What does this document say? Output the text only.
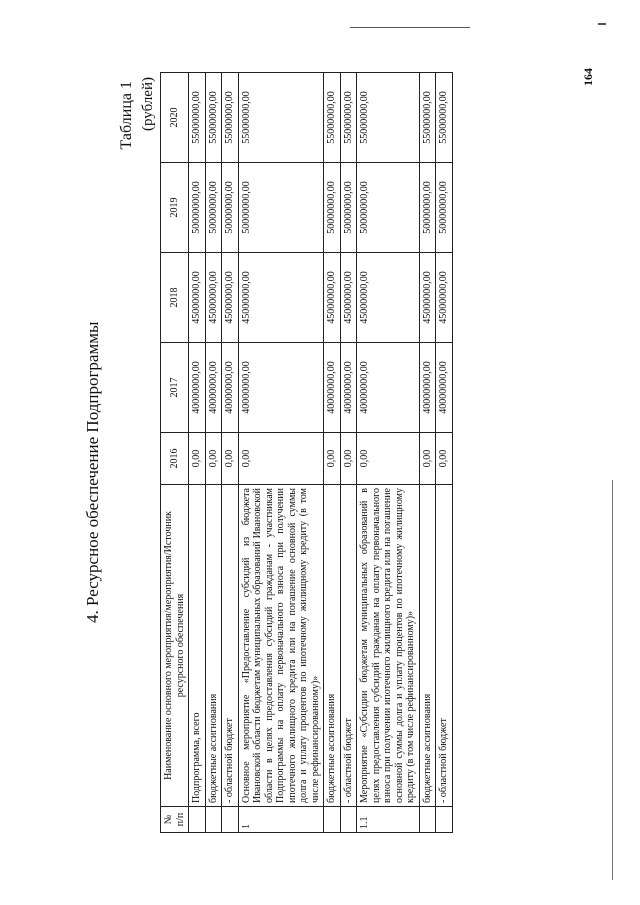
4. Ресурсное обеспечение Подпрограммы
Таблица 1 (рублей)
№ п/п	Наименование основного мероприятия/мероприятия/Источник ресурсного обеспечения	2016	2017	2018	2019	2020
	Подпрограмма, всего	0,00	40000000,00	45000000,00	50000000,00	55000000,00
	бюджетные ассигнования	0,00	40000000,00	45000000,00	50000000,00	55000000,00
	- областной бюджет	0,00	40000000,00	45000000,00	50000000,00	55000000,00
1	Основное мероприятие «Предоставление субсидий из бюджета Ивановской области бюджетам муниципальных образований Ивановской области в целях предоставления субсидий гражданам - участникам Подпрограммы на оплату первоначального взноса при получении ипотечного жилищного кредита или на погашение основной суммы долга и уплату процентов по ипотечному жилищному кредиту (в том числе рефинансированному)»	0,00	40000000,00	45000000,00	50000000,00	55000000,00
	бюджетные ассигнования	0,00	40000000,00	45000000,00	50000000,00	55000000,00
	- областной бюджет	0,00	40000000,00	45000000,00	50000000,00	55000000,00
1.1	Мероприятие «Субсидии бюджетам муниципальных образований в целях предоставления субсидий гражданам на оплату первоначального взноса при получении ипотечного жилищного кредита или на погашение основной суммы долга и уплату процентов по ипотечному жилищному кредиту (в том числе рефинансированному)»	0,00	40000000,00	45000000,00	50000000,00	55000000,00
	бюджетные ассигнования	0,00	40000000,00	45000000,00	50000000,00	55000000,00
	- областной бюджет	0,00	40000000,00	45000000,00	50000000,00	55000000,00
164
